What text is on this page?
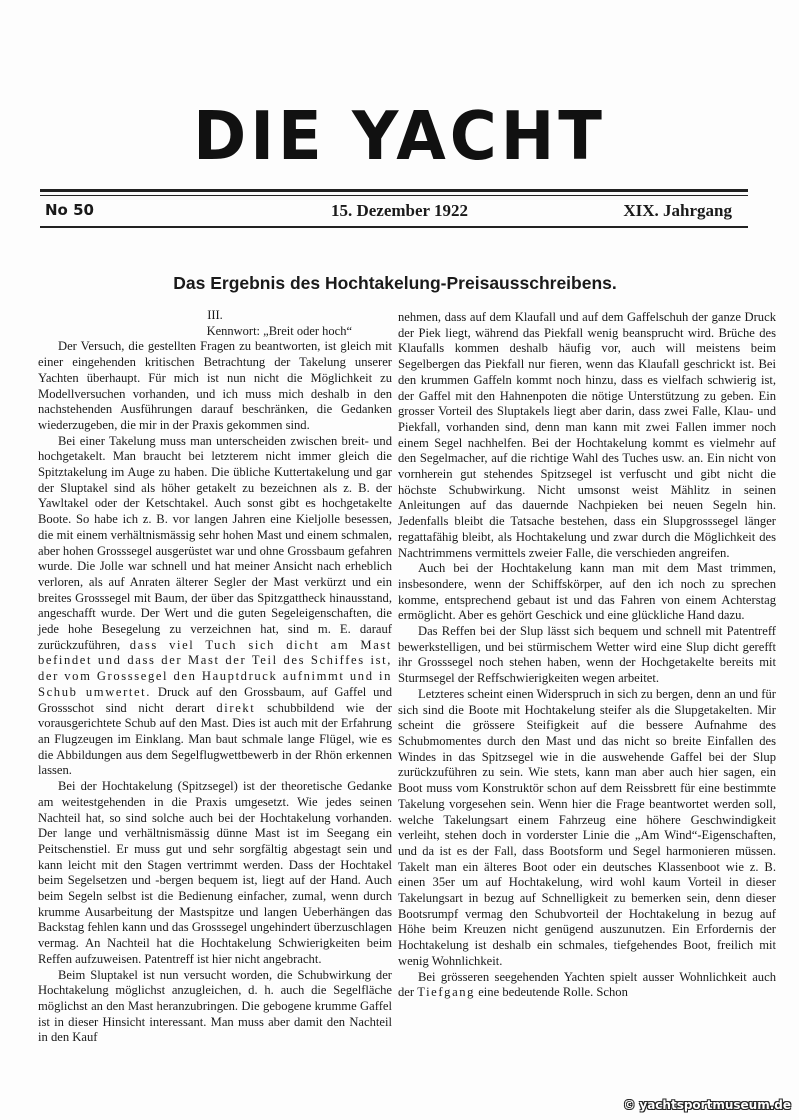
DIE YACHT
No 50	15. Dezember 1922	XIX. Jahrgang
Das Ergebnis des Hochtakelung-Preisausschreibens.
III.
Kennwort: „Breit oder hoch“

Der Versuch, die gestellten Fragen zu beantworten, ist gleich mit einer eingehenden kritischen Betrachtung der Takelung unserer Yachten überhaupt. Für mich ist nun nicht die Möglichkeit zu Modellversuchen vorhanden, und ich muss mich deshalb in den nachstehenden Ausführungen darauf beschränken, die Gedanken wiederzugeben, die mir in der Praxis gekommen sind.

Bei einer Takelung muss man unterscheiden zwischen breit- und hochgetakelt. Man braucht bei letzterem nicht immer gleich die Spitztakelung im Auge zu haben. Die übliche Kuttertakelung und gar der Sluptakel sind als höher getakelt zu bezeichnen als z. B. der Yawltakel oder der Ketschtakel. Auch sonst gibt es hochgetakelte Boote. So habe ich z. B. vor langen Jahren eine Kieljolle besessen, die mit einem verhältnismässig sehr hohen Mast und einem schmalen, aber hohen Grosssegel ausgerüstet war und ohne Grossbaum gefahren wurde. Die Jolle war schnell und hat meiner Ansicht nach erheblich verloren, als auf Anraten älterer Segler der Mast verkürzt und ein breites Grosssegel mit Baum, der über das Spitzgattheck hinausstand, angeschafft wurde. Der Wert und die guten Segeleigenschaften, die jede hohe Besegelung zu verzeichnen hat, sind m. E. darauf zurückzuführen, dass viel Tuch sich dicht am Mast befindet und dass der Mast der Teil des Schiffes ist, der vom Grosssegel den Hauptdruck aufnimmt und in Schub umwertet. Druck auf den Grossbaum, auf Gaffel und Grossschot sind nicht derart direkt schubbildend wie der vorausgerichtete Schub auf den Mast. Dies ist auch mit der Erfahrung an Flugzeugen im Einklang. Man baut schmale lange Flügel, wie es die Abbildungen aus dem Segelflugwettbewerb in der Rhön erkennen lassen.

Bei der Hochtakelung (Spitzsegel) ist der theoretische Gedanke am weitestgehenden in die Praxis umgesetzt. Wie jedes seinen Nachteil hat, so sind solche auch bei der Hochtakelung vorhanden. Der lange und verhältnismässig dünne Mast ist im Seegang ein Peitschenstiel. Er muss gut und sehr sorgfältig abgestagt sein und kann leicht mit den Stagen vertrimmt werden. Dass der Hochtakel beim Segelsetzen und -bergen bequem ist, liegt auf der Hand. Auch beim Segeln selbst ist die Bedienung einfacher, zumal, wenn durch krumme Ausarbeitung der Mastspitze und langen Ueberhängen das Backstag fehlen kann und das Grosssegel ungehindert überzuschlagen vermag. An Nachteil hat die Hochtakelung Schwierigkeiten beim Reffen aufzuweisen. Patentreff ist hier nicht angebracht.

Beim Sluptakel ist nun versucht worden, die Schubwirkung der Hochtakelung möglichst anzugleichen, d. h. auch die Segelfläche möglichst an den Mast heranzubringen. Die gebogene krumme Gaffel ist in dieser Hinsicht interessant. Man muss aber damit den Nachteil in den Kauf

nehmen, dass auf dem Klaufall und auf dem Gaffelschuh der ganze Druck der Piek liegt, während das Piekfall wenig beansprucht wird. Brüche des Klaufalls kommen deshalb häufig vor, auch will meistens beim Segelbergen das Piekfall nur fieren, wenn das Klaufall geschrickt ist. Bei den krummen Gaffeln kommt noch hinzu, dass es vielfach schwierig ist, der Gaffel mit den Hahnenpoten die nötige Unterstützung zu geben. Ein grosser Vorteil des Sluptakels liegt aber darin, dass zwei Falle, Klau- und Piekfall, vorhanden sind, denn man kann mit zwei Fallen immer noch einem Segel nachhelfen. Bei der Hochtakelung kommt es vielmehr auf den Segelmacher, auf die richtige Wahl des Tuches usw. an. Ein nicht von vornherein gut stehendes Spitzsegel ist verfuscht und gibt nicht die höchste Schubwirkung. Nicht umsonst weist Mählitz in seinen Anleitungen auf das dauernde Nachpieken bei neuen Segeln hin. Jedenfalls bleibt die Tatsache bestehen, dass ein Slupgrosssegel länger regattafähig bleibt, als Hochtakelung und zwar durch die Möglichkeit des Nachtrimmens vermittels zweier Falle, die verschieden angreifen.

Auch bei der Hochtakelung kann man mit dem Mast trimmen, insbesondere, wenn der Schiffskörper, auf den ich noch zu sprechen komme, entsprechend gebaut ist und das Fahren von einem Achterstag ermöglicht. Aber es gehört Geschick und eine glückliche Hand dazu.

Das Reffen bei der Slup lässt sich bequem und schnell mit Patentreff bewerkstelligen, und bei stürmischem Wetter wird eine Slup dicht gerefft ihr Grosssegel noch stehen haben, wenn der Hochgetakelte bereits mit Sturmsegel der Reffschwierigkeiten wegen arbeitet.

Letzteres scheint einen Widerspruch in sich zu bergen, denn an und für sich sind die Boote mit Hochtakelung steifer als die Slupgetakelten. Mir scheint die grössere Steifigkeit auf die bessere Aufnahme des Schubmomentes durch den Mast und das nicht so breite Einfallen des Windes in das Spitzsegel wie in die auswehende Gaffel bei der Slup zurückzuführen zu sein. Wie stets, kann man aber auch hier sagen, ein Boot muss vom Konstruktör schon auf dem Reissbrett für eine bestimmte Takelung vorgesehen sein. Wenn hier die Frage beantwortet werden soll, welche Takelungsart einem Fahrzeug eine höhere Geschwindigkeit verleiht, stehen doch in vorderster Linie die „Am Wind“-Eigenschaften, und da ist es der Fall, dass Bootsform und Segel harmonieren müssen. Takelt man ein älteres Boot oder ein deutsches Klassenboot wie z. B. einen 35er um auf Hochtakelung, wird wohl kaum Vorteil in dieser Takelungsart in bezug auf Schnelligkeit zu bemerken sein, denn dieser Bootsrumpf vermag den Schubvorteil der Hochtakelung in bezug auf Höhe beim Kreuzen nicht genügend auszunutzen. Ein Erfordernis der Hochtakelung ist deshalb ein schmales, tiefgehendes Boot, freilich mit wenig Wohnlichkeit.

Bei grösseren seegehenden Yachten spielt ausser Wohnlichkeit auch der Tiefgang eine bedeutende Rolle. Schon

© yachtsportmuseum.de
